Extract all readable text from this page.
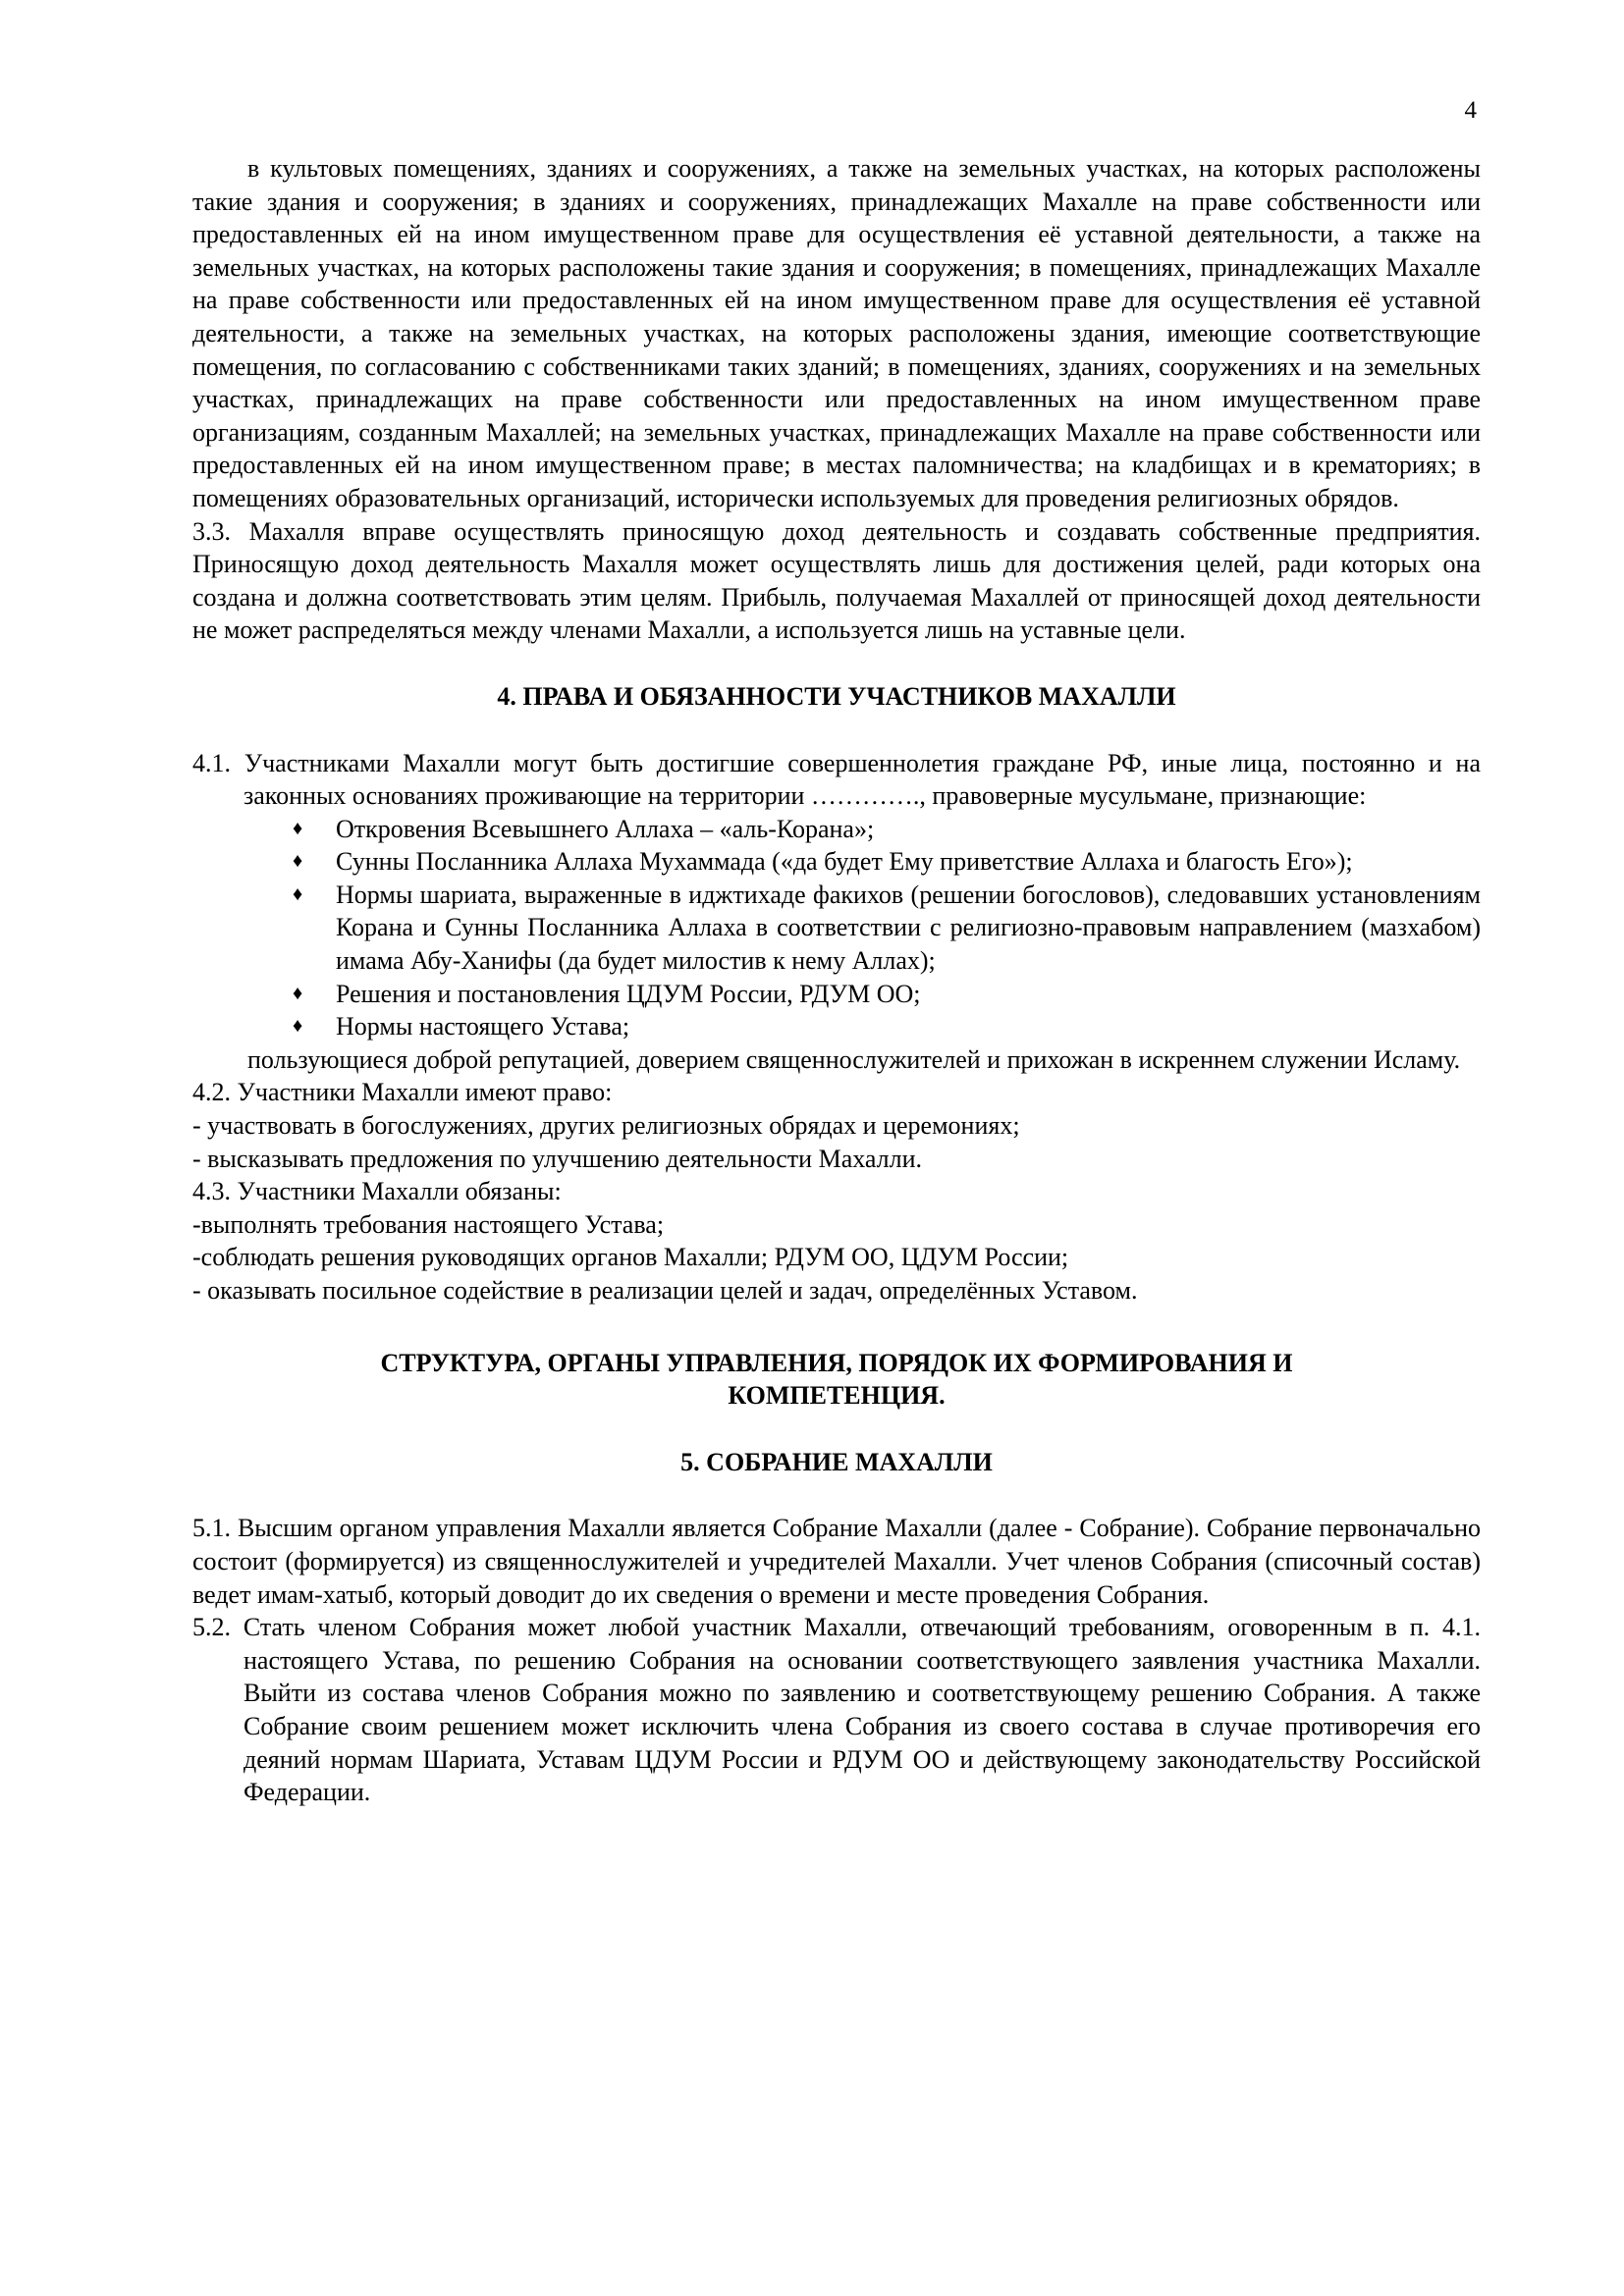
4

в культовых помещениях, зданиях и сооружениях, а также на земельных участках, на которых расположены такие здания и сооружения; в зданиях и сооружениях, принадлежащих Махалле на праве собственности или предоставленных ей на ином имущественном праве для осуществления её уставной деятельности, а также на земельных участках, на которых расположены такие здания и сооружения; в помещениях, принадлежащих Махалле на праве собственности или предоставленных ей на ином имущественном праве для осуществления её уставной деятельности, а также на земельных участках, на которых расположены здания, имеющие соответствующие помещения, по согласованию с собственниками таких зданий; в помещениях, зданиях, сооружениях и на земельных участках, принадлежащих на праве собственности или предоставленных на ином имущественном праве организациям, созданным Махаллей; на земельных участках, принадлежащих Махалле на праве собственности или предоставленных ей на ином имущественном праве; в местах паломничества; на кладбищах и в крематориях; в помещениях образовательных организаций, исторически используемых для проведения религиозных обрядов.

3.3. Махалля вправе осуществлять приносящую доход деятельность и создавать собственные предприятия. Приносящую доход деятельность Махалля может осуществлять лишь для достижения целей, ради которых она создана и должна соответствовать этим целям. Прибыль, получаемая Махаллей от приносящей доход деятельности не может распределяться между членами Махалли, а используется лишь на уставные цели.

4. ПРАВА И ОБЯЗАННОСТИ УЧАСТНИКОВ МАХАЛЛИ

4.1. Участниками Махалли могут быть достигшие совершеннолетия граждане РФ, иные лица, постоянно и на законных основаниях проживающие на территории …………., правоверные мусульмане, признающие:

♦ Откровения Всевышнего Аллаха – «аль-Корана»;
♦ Сунны Посланника Аллаха Мухаммада («да будет Ему приветствие Аллаха и благость Его»);
♦ Нормы шариата, выраженные в иджтихаде факихов (решении богословов), следовавших установлениям Корана и Сунны Посланника Аллаха в соответствии с религиозно-правовым направлением (мазхабом) имама Абу-Ханифы (да будет милостив к нему Аллах);
♦ Решения и постановления ЦДУМ России, РДУМ ОО;
♦ Нормы настоящего Устава;

пользующиеся доброй репутацией, доверием священнослужителей и прихожан в искреннем служении Исламу.

4.2. Участники Махалли имеют право:

- участвовать в богослужениях, других религиозных обрядах и церемониях;

- высказывать предложения по улучшению деятельности Махалли.

4.3. Участники Махалли обязаны:

-выполнять требования настоящего Устава;

-соблюдать решения руководящих органов Махалли; РДУМ ОО, ЦДУМ России;

- оказывать посильное содействие в реализации целей и задач, определённых Уставом.

СТРУКТУРА, ОРГАНЫ УПРАВЛЕНИЯ, ПОРЯДОК ИХ ФОРМИРОВАНИЯ И
КОМПЕТЕНЦИЯ.
5. СОБРАНИЕ МАХАЛЛИ

5.1. Высшим органом управления Махалли является Собрание Махалли (далее - Собрание). Собрание первоначально состоит (формируется) из священнослужителей и учредителей Махалли. Учет членов Собрания (списочный состав) ведет имам-хатыб, который доводит до их сведения о времени и месте проведения Собрания.

5.2. Стать членом Собрания может любой участник Махалли, отвечающий требованиям, оговоренным в п. 4.1. настоящего Устава, по решению Собрания на основании соответствующего заявления участника Махалли. Выйти из состава членов Собрания можно по заявлению и соответствующему решению Собрания. А также Собрание своим решением может исключить члена Собрания из своего состава в случае противоречия его деяний нормам Шариата, Уставам ЦДУМ России и РДУМ ОО и действующему законодательству Российской Федерации.
